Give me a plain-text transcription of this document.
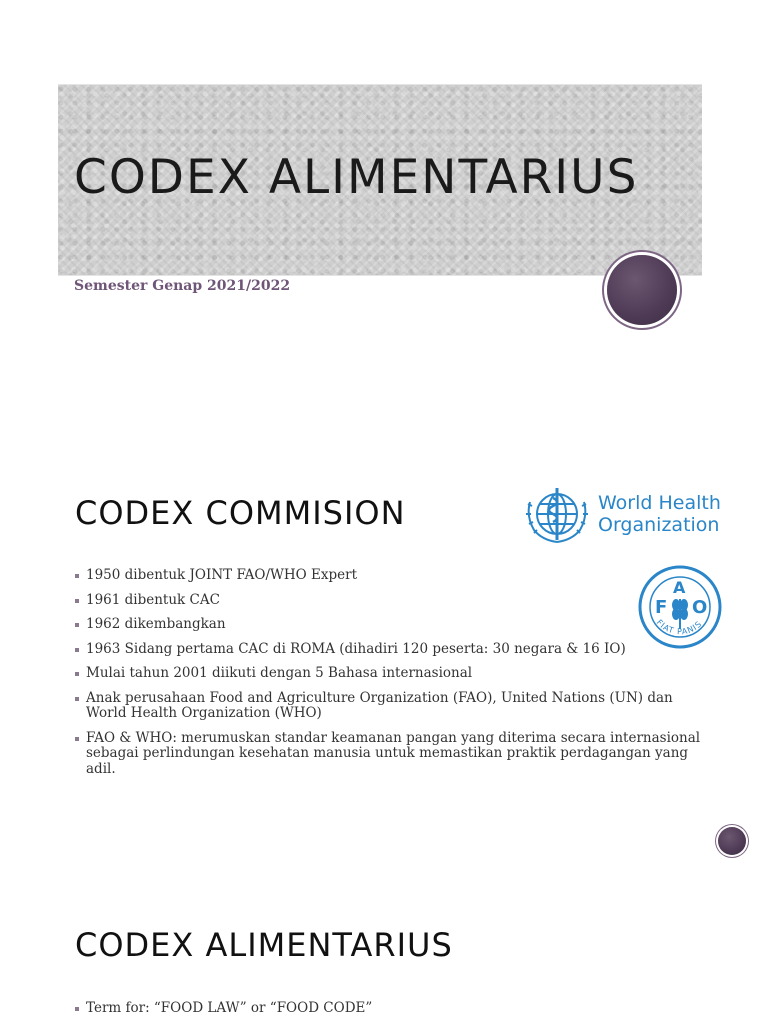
CODEX ALIMENTARIUS
Semester Genap 2021/2022
CODEX COMMISION	World Health
Organization
F
A
O
FIAT PANIS
1950 dibentuk JOINT FAO/WHO Expert
1961 dibentuk CAC
1962 dikembangkan
1963 Sidang pertama CAC di ROMA (dihadiri 120 peserta: 30 negara & 16 IO)
Mulai tahun 2001 diikuti dengan 5 Bahasa internasional
Anak perusahaan Food and Agriculture Organization (FAO), United Nations (UN) dan World Health Organization (WHO)
FAO & WHO: merumuskan standar keamanan pangan yang diterima secara internasional sebagai perlindungan kesehatan manusia untuk memastikan praktik perdagangan yang adil.
CODEX ALIMENTARIUS
Term for: “FOOD LAW” or “FOOD CODE”
